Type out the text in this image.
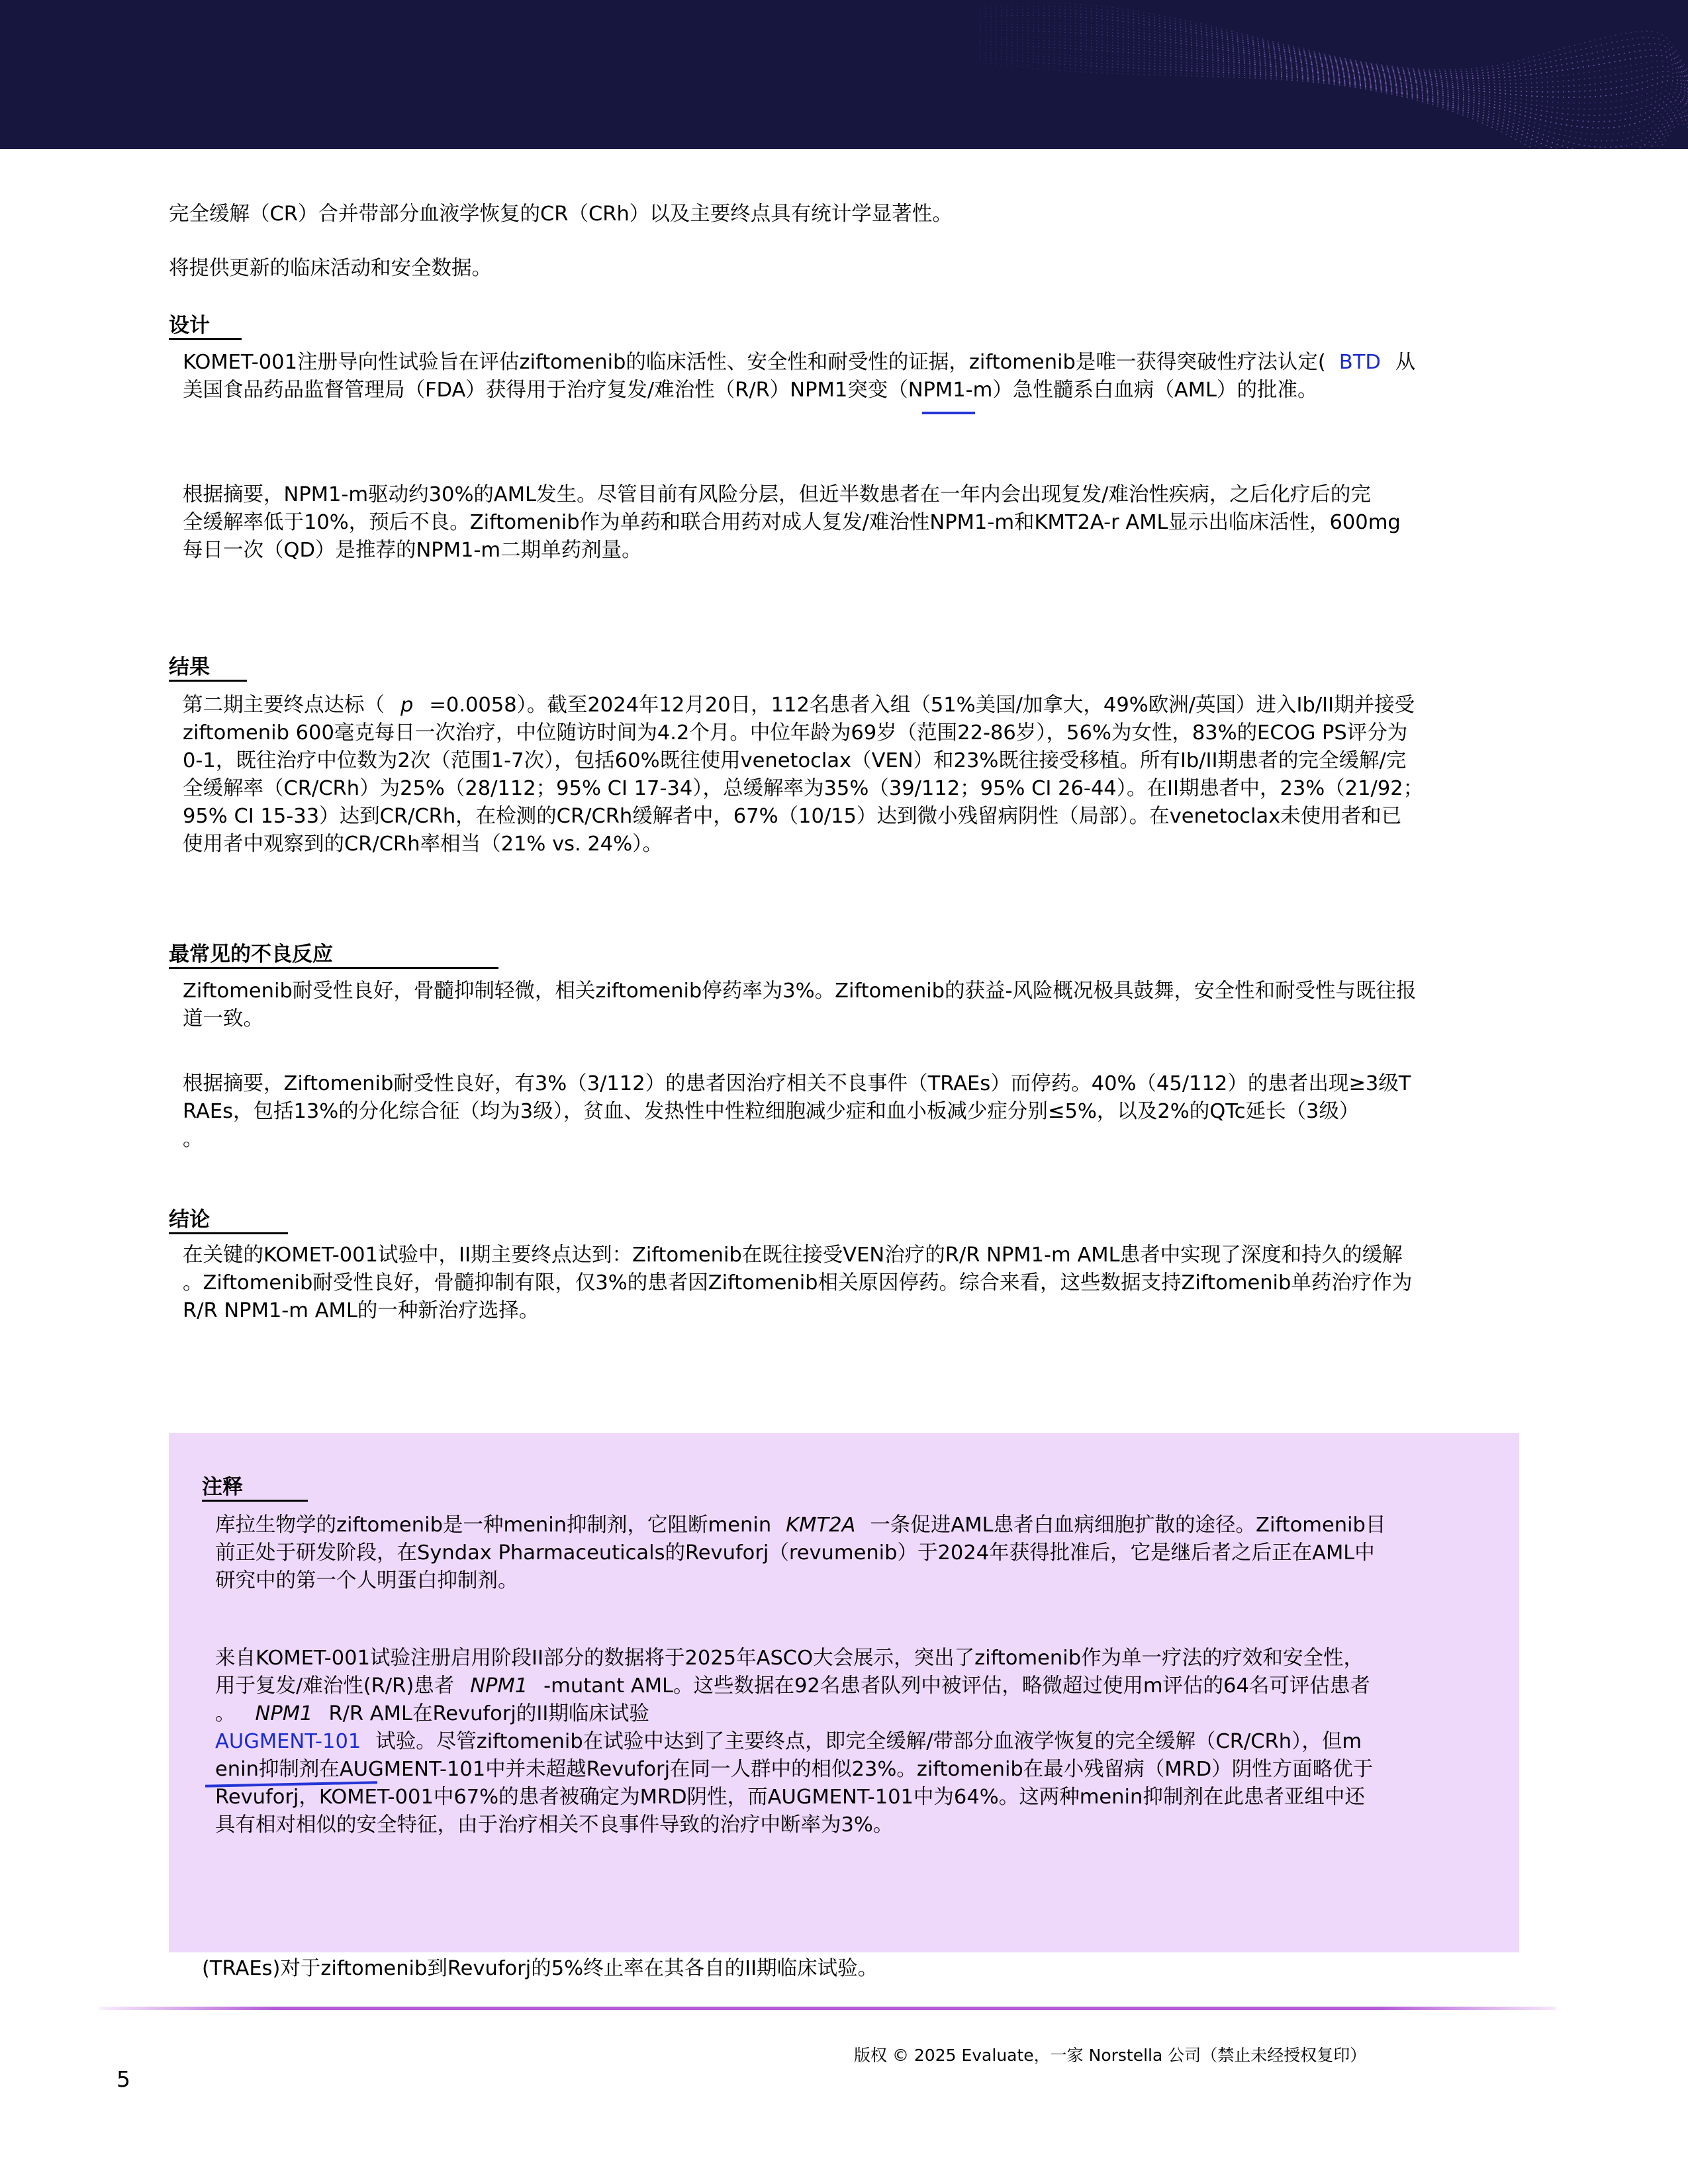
完全缓解（CR）合并带部分血液学恢复的CR（CRh）以及主要终点具有统计学显著性。

将提供更新的临床活动和安全数据。

设计

KOMET-001注册导向性试验旨在评估ziftomenib的临床活性、安全性和耐受性的证据，ziftomenib是唯一获得突破性疗法认定( BTD 从

美国食品药品监督管理局（FDA）获得用于治疗复发/难治性（R/R）NPM1突变（NPM1-m）急性髓系白血病（AML）的批准。

根据摘要，NPM1-m驱动约30%的AML发生。尽管目前有风险分层，但近半数患者在一年内会出现复发/难治性疾病，之后化疗后的完

全缓解率低于10%，预后不良。Ziftomenib作为单药和联合用药对成人复发/难治性NPM1-m和KMT2A-r AML显示出临床活性，600mg

每日一次（QD）是推荐的NPM1-m二期单药剂量。

结果

第二期主要终点达标（ p =0.0058）。截至2024年12月20日，112名患者入组（51%美国/加拿大，49%欧洲/英国）进入Ib/II期并接受

ziftomenib 600毫克每日一次治疗，中位随访时间为4.2个月。中位年龄为69岁（范围22-86岁），56%为女性，83%的ECOG PS评分为

0-1，既往治疗中位数为2次（范围1-7次），包括60%既往使用venetoclax（VEN）和23%既往接受移植。所有Ib/II期患者的完全缓解/完

全缓解率（CR/CRh）为25%（28/112；95% CI 17-34），总缓解率为35%（39/112；95% CI 26-44）。在II期患者中，23%（21/92；

95% CI 15-33）达到CR/CRh，在检测的CR/CRh缓解者中，67%（10/15）达到微小残留病阴性（局部）。在venetoclax未使用者和已

使用者中观察到的CR/CRh率相当（21% vs. 24%）。

最常见的不良反应

Ziftomenib耐受性良好，骨髓抑制轻微，相关ziftomenib停药率为3%。Ziftomenib的获益-风险概况极具鼓舞，安全性和耐受性与既往报

道一致。

根据摘要，Ziftomenib耐受性良好，有3%（3/112）的患者因治疗相关不良事件（TRAEs）而停药。40%（45/112）的患者出现≥3级T

RAEs，包括13%的分化综合征（均为3级），贫血、发热性中性粒细胞减少症和血小板减少症分别≤5%，以及2%的QTc延长（3级）

。

结论

在关键的KOMET-001试验中，II期主要终点达到：Ziftomenib在既往接受VEN治疗的R/R NPM1-m AML患者中实现了深度和持久的缓解

。Ziftomenib耐受性良好，骨髓抑制有限，仅3%的患者因Ziftomenib相关原因停药。综合来看，这些数据支持Ziftomenib单药治疗作为

R/R NPM1-m AML的一种新治疗选择。

注释

库拉生物学的ziftomenib是一种menin抑制剂，它阻断menin KMT2A 一条促进AML患者白血病细胞扩散的途径。Ziftomenib目

前正处于研发阶段，在Syndax Pharmaceuticals的Revuforj（revumenib）于2024年获得批准后，它是继后者之后正在AML中

研究中的第一个人明蛋白抑制剂。

来自KOMET-001试验注册启用阶段II部分的数据将于2025年ASCO大会展示，突出了ziftomenib作为单一疗法的疗效和安全性，

用于复发/难治性(R/R)患者 NPM1 -mutant AML。这些数据在92名患者队列中被评估，略微超过使用m评估的64名可评估患者

。 NPM1 R/R AML在Revuforj的II期临床试验

AUGMENT-101 试验。尽管ziftomenib在试验中达到了主要终点，即完全缓解/带部分血液学恢复的完全缓解（CR/CRh），但m

enin抑制剂在AUGMENT-101中并未超越Revuforj在同一人群中的相似23%。ziftomenib在最小残留病（MRD）阴性方面略优于

Revuforj，KOMET-001中67%的患者被确定为MRD阴性，而AUGMENT-101中为64%。这两种menin抑制剂在此患者亚组中还

具有相对相似的安全特征，由于治疗相关不良事件导致的治疗中断率为3%。

(TRAEs)对于ziftomenib到Revuforj的5%终止率在其各自的II期临床试验。

版权 © 2025 Evaluate，一家 Norstella 公司（禁止未经授权复印）
5
